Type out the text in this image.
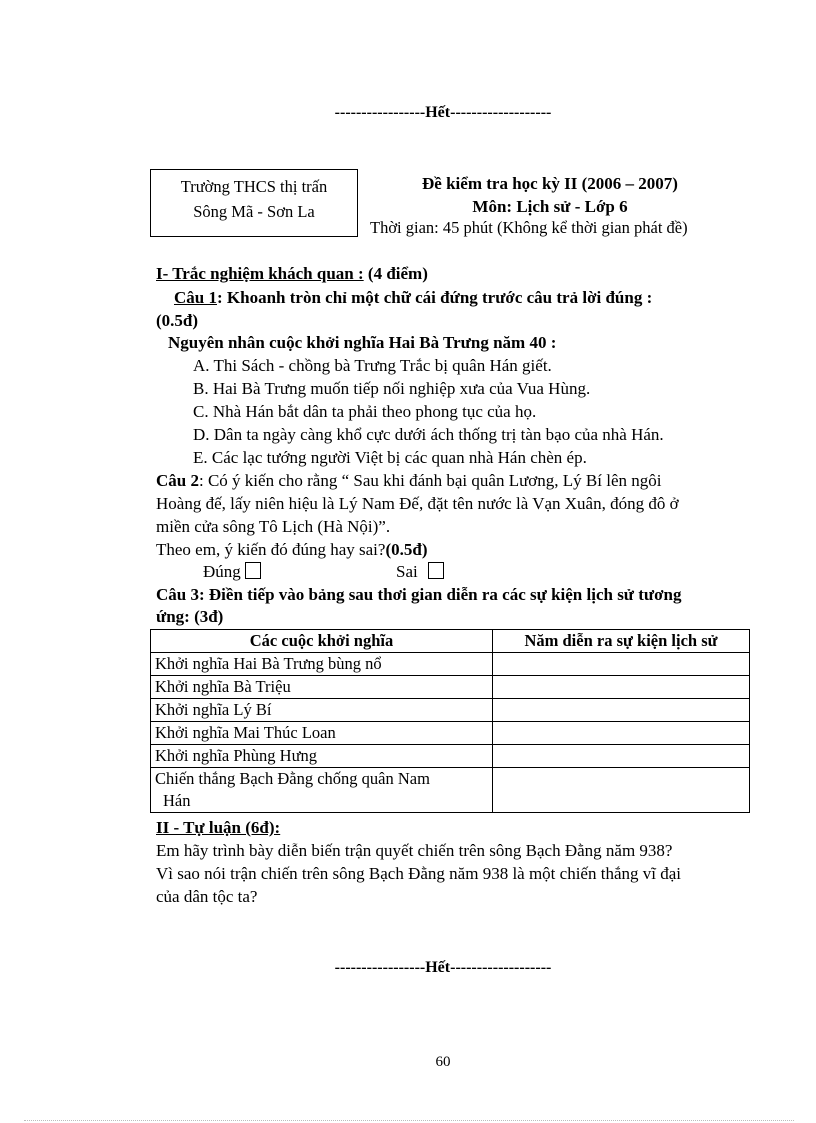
-----------------Hết-------------------
Trường THCS thị trấn
Sông Mã - Sơn La
Đề kiểm tra học kỳ II (2006 – 2007)
Môn: Lịch sử - Lớp 6
Thời gian: 45 phút (Không kể thời gian phát đề)
I- Trắc nghiệm khách quan : (4 điểm)
Câu 1: Khoanh tròn chỉ một chữ cái đứng trước câu trả lời đúng :
(0.5đ)
Nguyên nhân cuộc khởi nghĩa Hai Bà Trưng năm 40 :
A. Thi Sách - chồng bà Trưng Trắc bị quân Hán giết.
B. Hai Bà Trưng muốn tiếp nối nghiệp xưa của Vua Hùng.
C. Nhà Hán bắt dân ta phải theo phong tục của họ.
D. Dân ta ngày càng khổ cực dưới ách thống trị tàn bạo của nhà Hán.
E. Các lạc tướng người Việt bị các quan nhà Hán chèn ép.
Câu 2: Có ý kiến cho rằng “ Sau khi đánh bại quân Lương, Lý Bí lên ngôi
Hoàng đế, lấy niên hiệu là Lý Nam Đế, đặt tên nước là Vạn Xuân, đóng đô ở
miền cửa sông Tô Lịch (Hà Nội)”.
Theo em, ý kiến đó đúng hay sai?(0.5đ)
Đúng	Sai
Câu 3: Điền tiếp vào bảng sau thơi gian diễn ra các sự kiện lịch sử tương
ứng: (3đ)
Các cuộc khởi nghĩa	Năm diễn ra sự kiện lịch sử
Khởi nghĩa Hai Bà Trưng bùng nổ	
Khởi nghĩa Bà Triệu	
Khởi nghĩa Lý Bí	
Khởi nghĩa Mai Thúc Loan	
Khởi nghĩa Phùng Hưng	

Chiến thắng Bạch Đằng chống quân Nam
Hán	

II - Tự luận (6đ):
Em hãy trình bày diễn biến trận quyết chiến trên sông Bạch Đằng năm 938?
Vì sao nói trận chiến trên sông Bạch Đằng năm 938 là một chiến thắng vĩ đại
của dân tộc ta?
-----------------Hết-------------------
60
